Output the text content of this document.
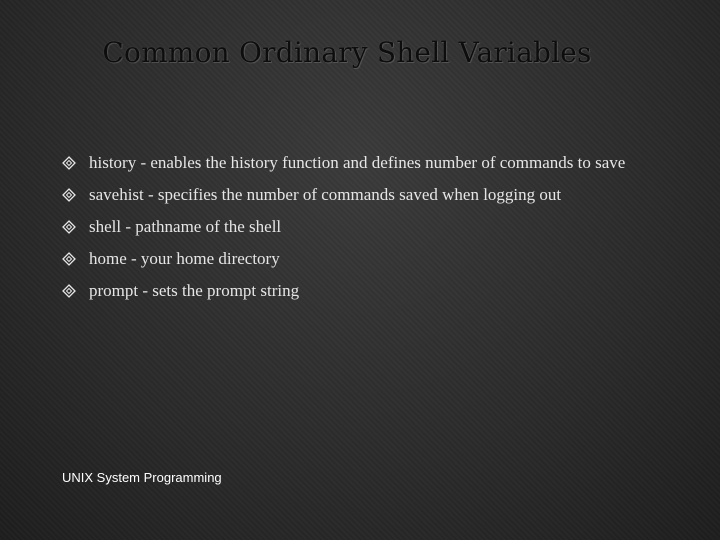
Common Ordinary Shell Variables
history - enables the history function and defines number of commands to save
savehist - specifies the number of commands saved when logging out
shell - pathname of the shell
home - your home directory
prompt - sets the prompt string
UNIX System Programming
